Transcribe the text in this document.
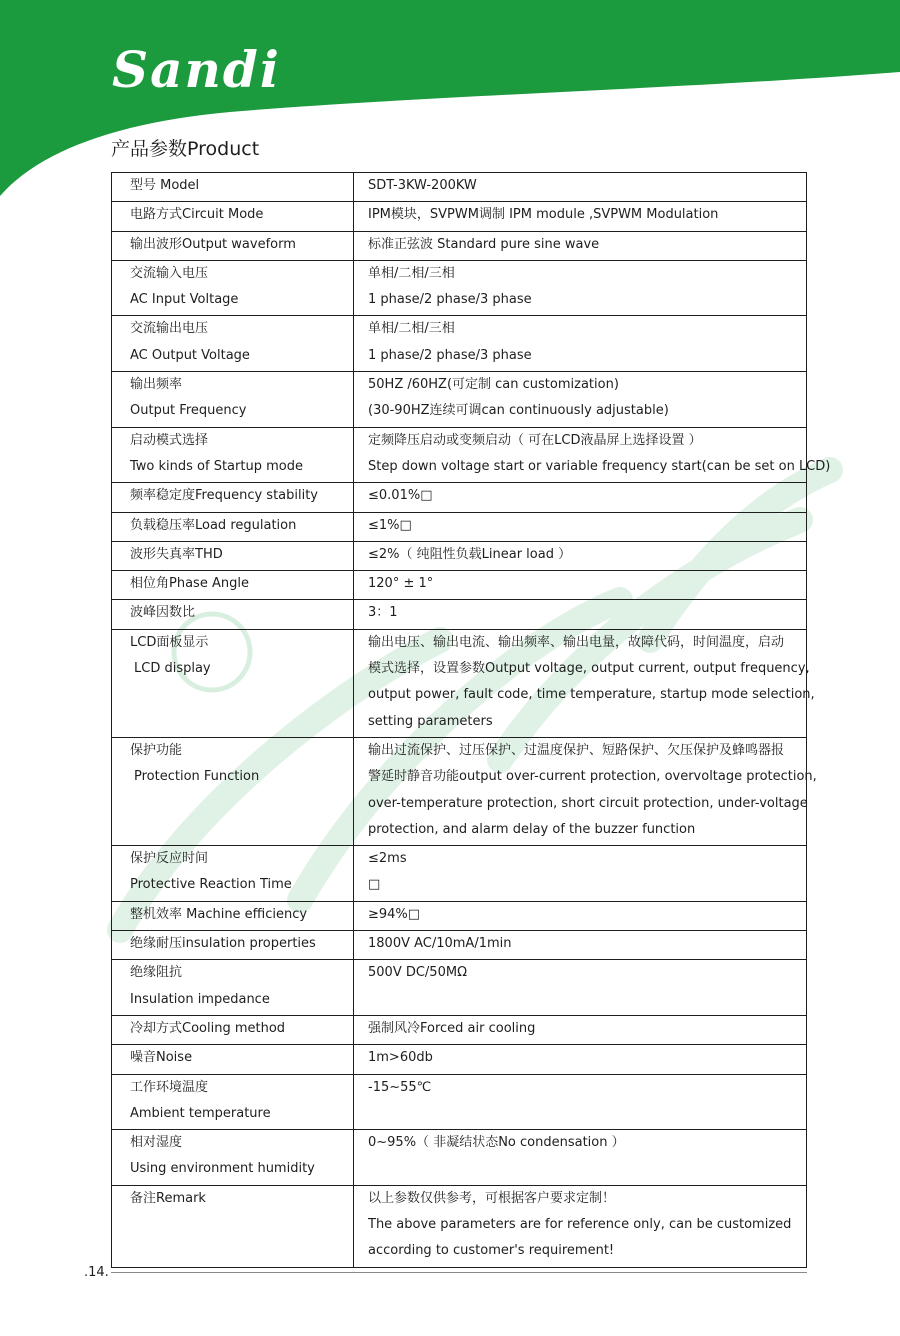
Sandi
产品参数Product
型号 Model	SDT-3KW-200KW

电路方式Circuit Mode	IPM模块，SVPWM调制 IPM module ,SVPWM Modulation

输出波形Output waveform	标准正弦波 Standard pure sine wave

交流输入电压
AC Input Voltage	单相/二相/三相
1 phase/2 phase/3 phase

交流输出电压
AC Output Voltage	单相/二相/三相
1 phase/2 phase/3 phase

输出频率
Output Frequency	50HZ /60HZ(可定制 can customization)
(30-90HZ连续可调can continuously adjustable)

启动模式选择
Two kinds of Startup mode	定频降压启动或变频启动（ 可在LCD液晶屏上选择设置 ）
Step down voltage start or variable frequency start(can be set on LCD)

频率稳定度Frequency stability	≤0.01%□

负载稳压率Load regulation	≤1%□

波形失真率THD	≤2%（ 纯阻性负载Linear load ）

相位角Phase Angle	120° ± 1°

波峰因数比	3：1

LCD面板显示
LCD display	输出电压、输出电流、输出频率、输出电量，故障代码，时间温度，启动
模式选择，设置参数Output voltage, output current, output frequency,
output power, fault code, time temperature, startup mode selection,
setting parameters

保护功能
Protection Function	输出过流保护、过压保护、过温度保护、短路保护、欠压保护及蜂鸣器报
警延时静音功能output over-current protection, overvoltage protection,
over-temperature protection, short circuit protection, under-voltage
protection, and alarm delay of the buzzer function

保护反应时间
Protective Reaction Time	≤2ms
□

整机效率 Machine efficiency	≥94%□

绝缘耐压insulation properties	1800V AC/10mA/1min

绝缘阻抗
Insulation impedance	500V DC/50MΩ

冷却方式Cooling method	强制风冷Forced air cooling

噪音Noise	1m>60db

工作环境温度
Ambient temperature	-15~55℃

相对湿度
Using environment humidity	0~95%（ 非凝结状态No condensation ）

备注Remark	以上参数仅供参考，可根据客户要求定制！
The above parameters are for reference only, can be customized
according to customer's requirement!
.14.
